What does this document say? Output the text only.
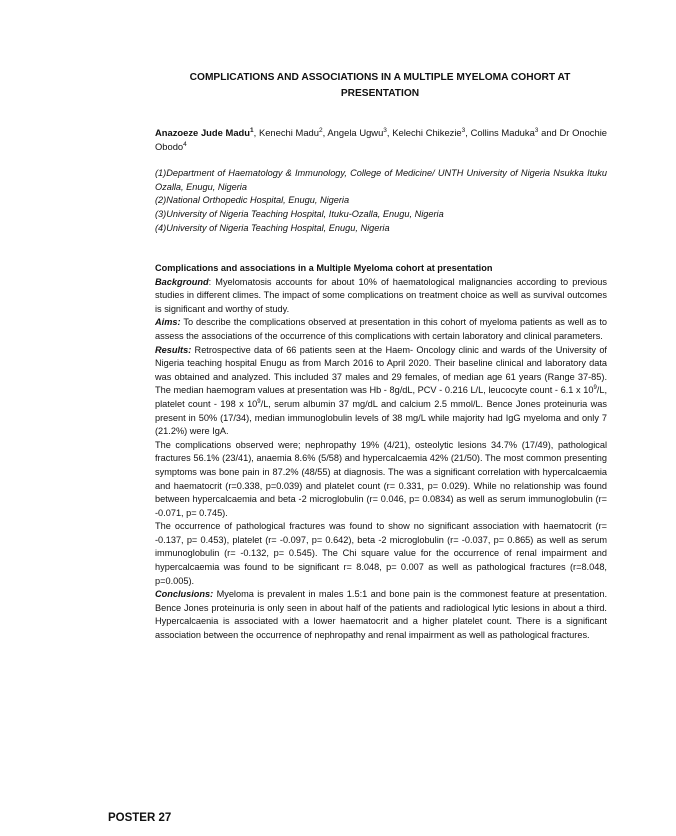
COMPLICATIONS AND ASSOCIATIONS IN A MULTIPLE MYELOMA COHORT AT PRESENTATION
Anazoeze Jude Madu$^1$, Kenechi Madu$^2$, Angela Ugwu$^3$, Kelechi Chikezie$^3$, Collins Maduka$^3$ and Dr Onochie Obodo$^4$
(1)Department of Haematology & Immunology, College of Medicine/ UNTH University of Nigeria Nsukka Ituku Ozalla, Enugu, Nigeria
(2)National Orthopedic Hospital, Enugu, Nigeria
(3)University of Nigeria Teaching Hospital, Ituku-Ozalla, Enugu, Nigeria
(4)University of Nigeria Teaching Hospital, Enugu, Nigeria

Complications and associations in a Multiple Myeloma cohort at presentation

Background: Myelomatosis accounts for about 10% of haematological malignancies according to previous studies in different climes. The impact of some complications on treatment choice as well as survival outcomes is significant and worthy of study.

Aims: To describe the complications observed at presentation in this cohort of myeloma patients as well as to assess the associations of the occurrence of this complications with certain laboratory and clinical parameters.

Results: Retrospective data of 66 patients seen at the Haem- Oncology clinic and wards of the University of Nigeria teaching hospital Enugu as from March 2016 to April 2020. Their baseline clinical and laboratory data was obtained and analyzed. This included 37 males and 29 females, of median age 61 years (Range 37-85). The median haemogram values at presentation was Hb - 8g/dL, PCV - 0.216 L/L, leucocyte count - 6.1 x $10^9/L$, platelet count - 198 x $10^9/L$, serum albumin 37 mg/dL and calcium 2.5 mmol/L. Bence Jones proteinuria was present in 50% (17/34), median immunoglobulin levels of 38 mg/L while majority had IgG myeloma and only 7 (21.2%) were IgA.

The complications observed were; nephropathy 19% (4/21), osteolytic lesions 34.7% (17/49), pathological fractures 56.1% (23/41), anaemia 8.6% (5/58) and hypercalcaemia 42% (21/50). The most common presenting symptoms was bone pain in 87.2% (48/55) at diagnosis. The was a significant correlation with hypercalcaemia and haematocrit (r=0.338, p=0.039) and platelet count (r= 0.331, p= 0.029). While no relationship was found between hypercalcaemia and beta -2 microglobulin (r= 0.046, p= 0.0834) as well as serum immunoglobulin (r= -0.071, p= 0.745).

The occurrence of pathological fractures was found to show no significant association with haematocrit (r= -0.137, p= 0.453), platelet (r= -0.097, p= 0.642), beta -2 microglobulin (r= -0.037, p= 0.865) as well as serum immunoglobulin (r= -0.132, p= 0.545). The Chi square value for the occurrence of renal impairment and hypercalcaemia was found to be significant r= 8.048, p= 0.007 as well as pathological fractures (r=8.048, p=0.005).

Conclusions: Myeloma is prevalent in males 1.5:1 and bone pain is the commonest feature at presentation. Bence Jones proteinuria is only seen in about half of the patients and radiological lytic lesions in about a third. Hypercalcaenia is associated with a lower haematocrit and a higher platelet count. There is a significant association between the occurrence of nephropathy and renal impairment as well as pathological fractures.

POSTER 27
